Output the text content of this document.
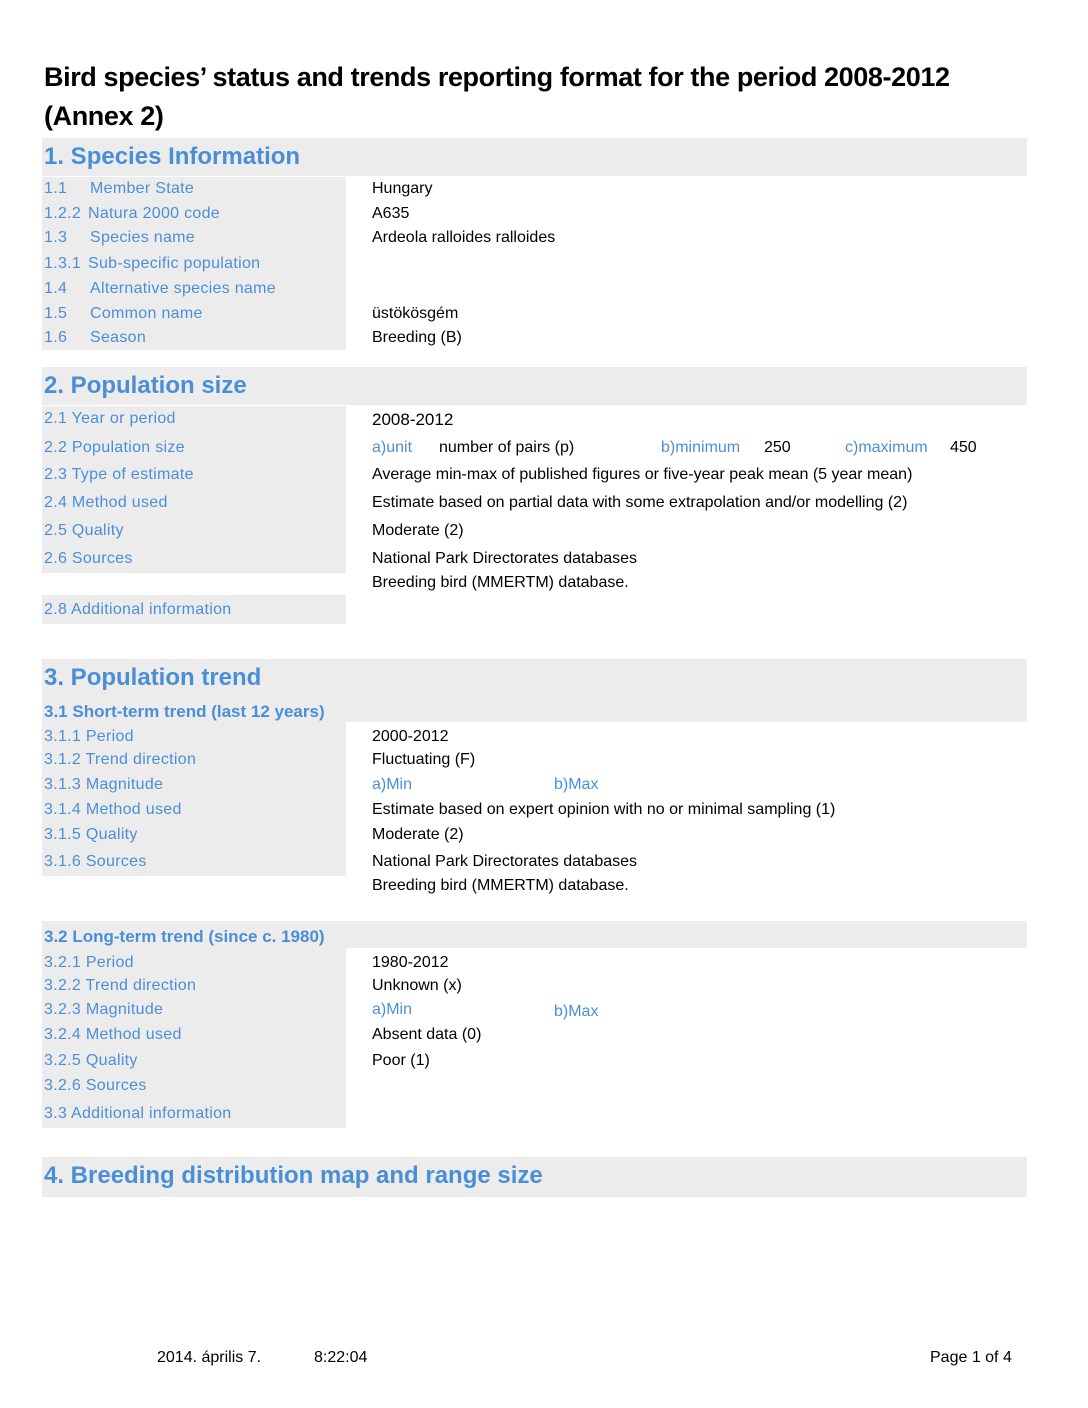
Bird species’ status and trends reporting format for the period 2008-2012
(Annex 2)
1. Species Information
1.1 Member State	Hungary
1.2.2 Natura 2000 code	A635
1.3 Species name	Ardeola ralloides ralloides
1.3.1 Sub-specific population
1.4 Alternative species name
1.5 Common name	üstökösgém
1.6 Season	Breeding (B)
2. Population size
2.1 Year or period	2008-2012
2.2 Population size	a)unit number of pairs (p)	b)minimum 250	c)maximum 450
2.3 Type of estimate	Average min-max of published figures or five-year peak mean (5 year mean)
2.4 Method used	Estimate based on partial data with some extrapolation and/or modelling (2)
2.5 Quality	Moderate (2)
2.6 Sources	National Park Directorates databases
Breeding bird (MMERTM) database.
2.8 Additional information
3. Population trend
3.1 Short-term trend (last 12 years)
3.1.1 Period	2000-2012
3.1.2 Trend direction	Fluctuating (F)
3.1.3 Magnitude	a)Min	b)Max
3.1.4 Method used	Estimate based on expert opinion with no or minimal sampling (1)
3.1.5 Quality	Moderate (2)
3.1.6 Sources	National Park Directorates databases
Breeding bird (MMERTM) database.
3.2 Long-term trend (since c. 1980)
3.2.1 Period	1980-2012
3.2.2 Trend direction	Unknown (x)
3.2.3 Magnitude	a)Min	b)Max
3.2.4 Method used	Absent data (0)
3.2.5 Quality	Poor (1)
3.2.6 Sources
3.3 Additional information
4. Breeding distribution map and range size
2014. április 7.	8:22:04	Page 1 of 4
